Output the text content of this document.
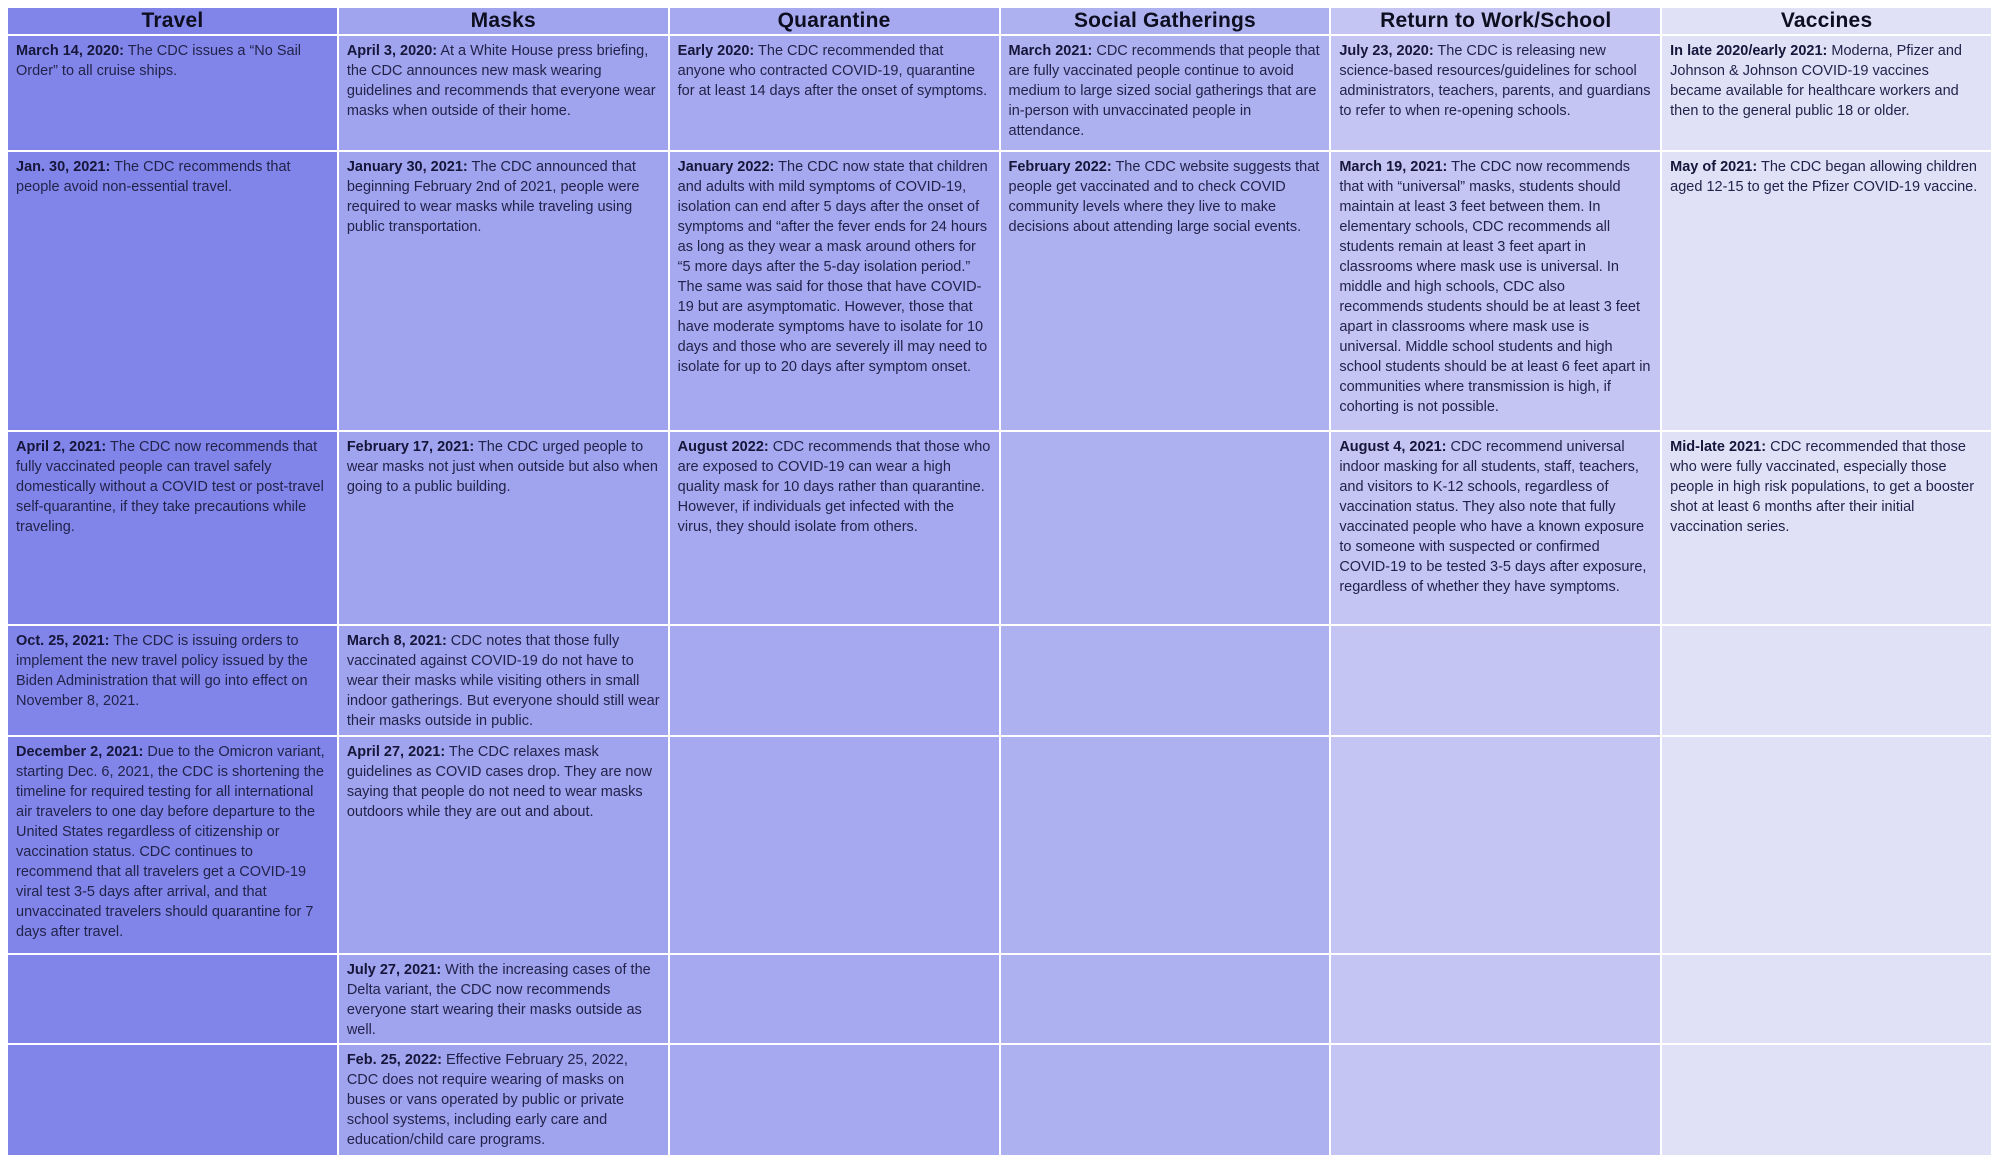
Travel
March 14, 2020: The CDC issues a “No Sail Order” to all cruise ships.
Jan. 30, 2021: The CDC recommends that people avoid non-essential travel.
April 2, 2021: The CDC now recommends that fully vaccinated people can travel safely domestically without a COVID test or post-travel self-quarantine, if they take precautions while traveling.
Oct. 25, 2021: The CDC is issuing orders to implement the new travel policy issued by the Biden Administration that will go into effect on November 8, 2021.
December 2, 2021: Due to the Omicron variant, starting Dec. 6, 2021, the CDC is shortening the timeline for required testing for all international air travelers to one day before departure to the United States regardless of citizenship or vaccination status. CDC continues to recommend that all travelers get a COVID-19 viral test 3-5 days after arrival, and that unvaccinated travelers should quarantine for 7 days after travel.
Masks
April 3, 2020: At a White House press briefing, the CDC announces new mask wearing guidelines and recommends that everyone wear masks when outside of their home.
January 30, 2021: The CDC announced that beginning February 2nd of 2021, people were required to wear masks while traveling using public transportation.
February 17, 2021: The CDC urged people to wear masks not just when outside but also when going to a public building.
March 8, 2021: CDC notes that those fully vaccinated against COVID-19 do not have to wear their masks while visiting others in small indoor gatherings. But everyone should still wear their masks outside in public.
April 27, 2021: The CDC relaxes mask guidelines as COVID cases drop. They are now saying that people do not need to wear masks outdoors while they are out and about.
July 27, 2021: With the increasing cases of the Delta variant, the CDC now recommends everyone start wearing their masks outside as well.
Feb. 25, 2022: Effective February 25, 2022, CDC does not require wearing of masks on buses or vans operated by public or private school systems, including early care and education/child care programs.
Quarantine
Early 2020: The CDC recommended that anyone who contracted COVID-19, quarantine for at least 14 days after the onset of symptoms.
January 2022: The CDC now state that children and adults with mild symptoms of COVID-19, isolation can end after 5 days after the onset of symptoms and “after the fever ends for 24 hours as long as they wear a mask around others for “5 more days after the 5-day isolation period.” The same was said for those that have COVID-19 but are asymptomatic. However, those that have moderate symptoms have to isolate for 10 days and those who are severely ill may need to isolate for up to 20 days after symptom onset.
August 2022: CDC recommends that those who are exposed to COVID-19 can wear a high quality mask for 10 days rather than quarantine. However, if individuals get infected with the virus, they should isolate from others.
Social Gatherings
March 2021: CDC recommends that people that are fully vaccinated people continue to avoid medium to large sized social gatherings that are in-person with unvaccinated people in attendance.
February 2022: The CDC website suggests that people get vaccinated and to check COVID community levels where they live to make decisions about attending large social events.
Return to Work/School
July 23, 2020: The CDC is releasing new science-based resources/guidelines for school administrators, teachers, parents, and guardians to refer to when re-opening schools.
March 19, 2021: The CDC now recommends that with “universal” masks, students should maintain at least 3 feet between them. In elementary schools, CDC recommends all students remain at least 3 feet apart in classrooms where mask use is universal. In middle and high schools, CDC also recommends students should be at least 3 feet apart in classrooms where mask use is universal. Middle school students and high school students should be at least 6 feet apart in communities where transmission is high, if cohorting is not possible.
August 4, 2021: CDC recommend universal indoor masking for all students, staff, teachers, and visitors to K-12 schools, regardless of vaccination status. They also note that fully vaccinated people who have a known exposure to someone with suspected or confirmed COVID-19 to be tested 3-5 days after exposure, regardless of whether they have symptoms.
Vaccines
In late 2020/early 2021: Moderna, Pfizer and Johnson & Johnson COVID-19 vaccines became available for healthcare workers and then to the general public 18 or older.
May of 2021: The CDC began allowing children aged 12-15 to get the Pfizer COVID-19 vaccine.
Mid-late 2021: CDC recommended that those who were fully vaccinated, especially those people in high risk populations, to get a booster shot at least 6 months after their initial vaccination series.
